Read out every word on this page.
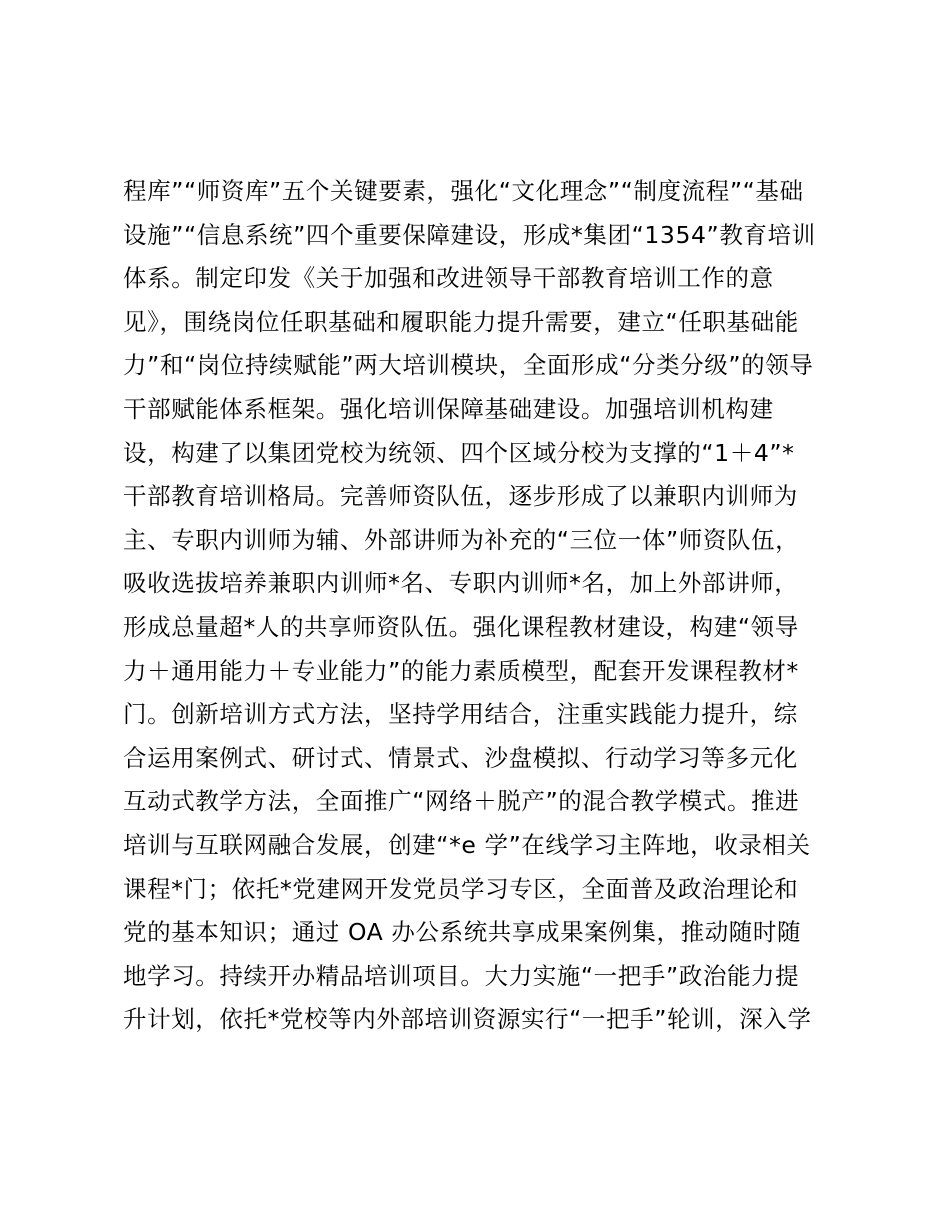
程库”“师资库”五个关键要素，强化“文化理念”“制度流程”“基础
设施”“信息系统”四个重要保障建设，形成*集团“1354”教育培训
体系。制定印发《关于加强和改进领导干部教育培训工作的意
见》，围绕岗位任职基础和履职能力提升需要，建立“任职基础能
力”和“岗位持续赋能”两大培训模块，全面形成“分类分级”的领导
干部赋能体系框架。强化培训保障基础建设。加强培训机构建
设，构建了以集团党校为统领、四个区域分校为支撑的“1＋4”*
干部教育培训格局。完善师资队伍，逐步形成了以兼职内训师为
主、专职内训师为辅、外部讲师为补充的“三位一体”师资队伍，
吸收选拔培养兼职内训师*名、专职内训师*名，加上外部讲师，
形成总量超*人的共享师资队伍。强化课程教材建设，构建“领导
力＋通用能力＋专业能力”的能力素质模型，配套开发课程教材*
门。创新培训方式方法，坚持学用结合，注重实践能力提升，综
合运用案例式、研讨式、情景式、沙盘模拟、行动学习等多元化
互动式教学方法，全面推广“网络＋脱产”的混合教学模式。推进
培训与互联网融合发展，创建“*e 学”在线学习主阵地，收录相关
课程*门；依托*党建网开发党员学习专区，全面普及政治理论和
党的基本知识；通过 OA 办公系统共享成果案例集，推动随时随
地学习。持续开办精品培训项目。大力实施“一把手”政治能力提
升计划，依托*党校等内外部培训资源实行“一把手”轮训，深入学
